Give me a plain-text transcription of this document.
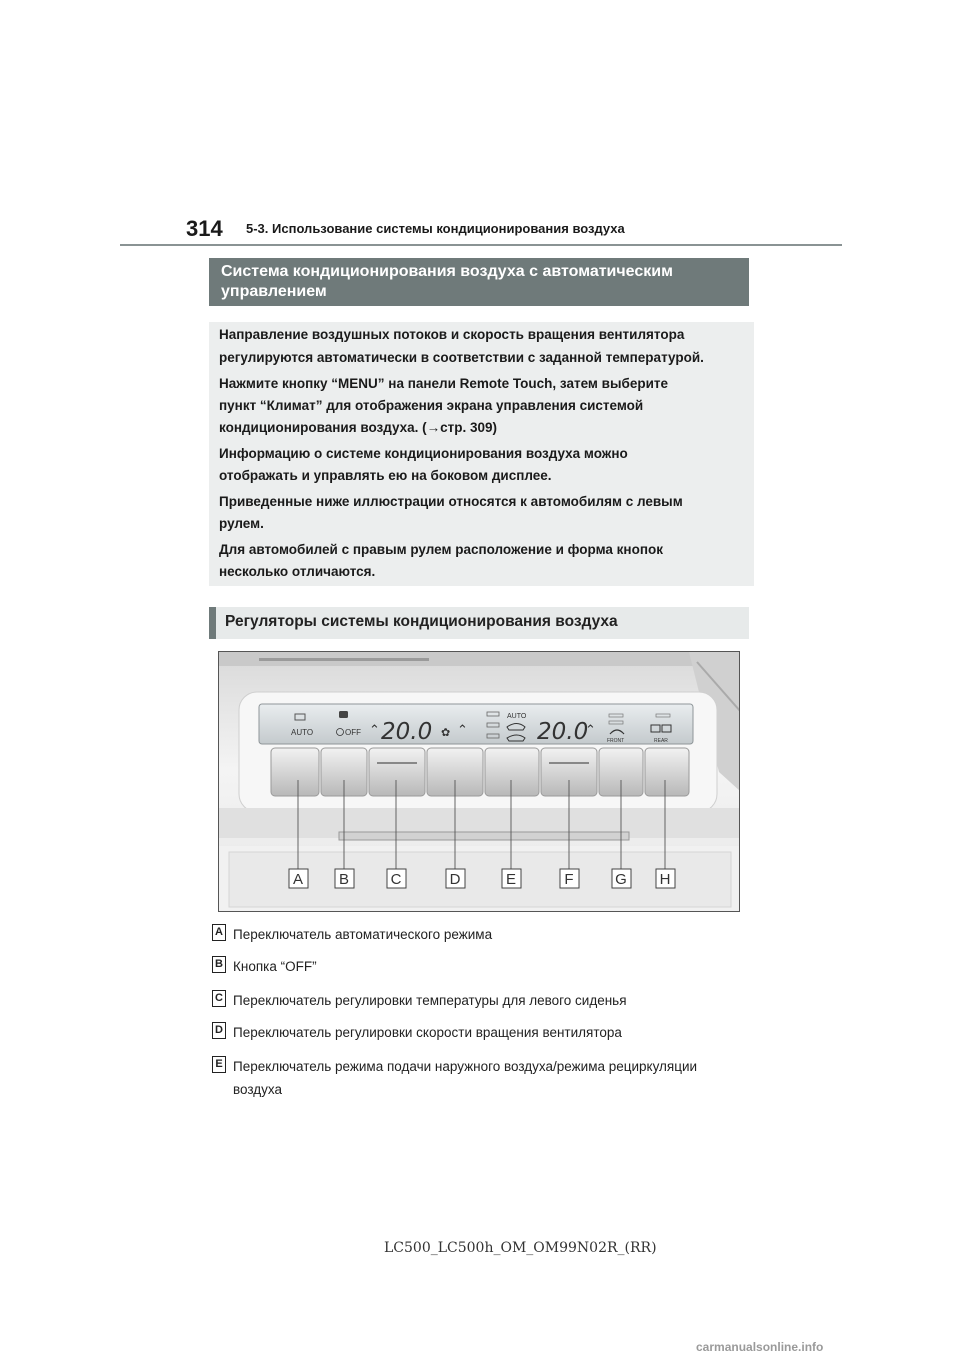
314 5-3. Использование системы кондиционирования воздуха
Система кондиционирования воздуха с автоматическим
управлением

Направление воздушных потоков и скорость вращения вентилятора

регулируются автоматически в соответствии с заданной температурой.

Нажмите кнопку “MENU” на панели Remote Touch, затем выберите

пункт “Климат” для отображения экрана управления системой

кондиционирования воздуха. (→стр. 309)

Информацию о системе кондиционирования воздуха можно

отображать и управлять ею на боковом дисплее.

Приведенные ниже иллюстрации относятся к автомобилям с левым

рулем.

Для автомобилей с правым рулем расположение и форма кнопок

несколько отличаются.

Регуляторы системы кондиционирования воздуха
AUTO	OFF ⌃ 20.0 ✿ ⌃
AUTO
20.0
⌃
FRONT	REAR
A B	C	D	E	F	G H
A Переключатель автоматического режима
B Кнопка “OFF”
C Переключатель регулировки температуры для левого сиденья
D Переключатель регулировки скорости вращения вентилятора
E Переключатель режима подачи наружного воздуха/режима рециркуляции
воздуха
LC500_LC500h_OM_OM99N02R_(RR)
carmanualsonline.info
